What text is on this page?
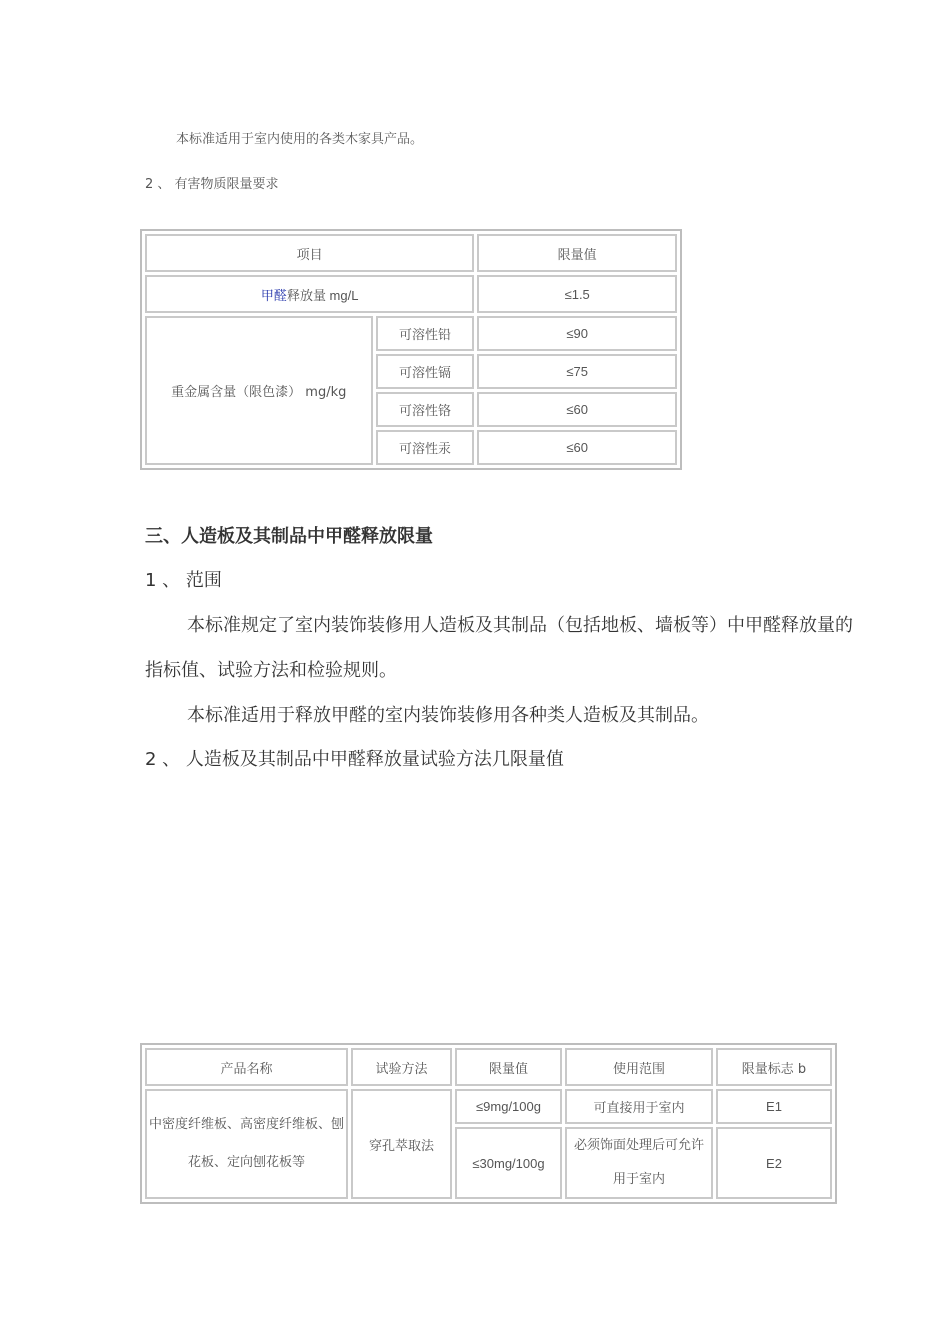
本标准适用于室内使用的各类木家具产品。
2 、 有害物质限量要求
项目		限量值
甲醛释放量 mg/L		≤1.5
重金属含量（限色漆） mg/kg	可溶性铅	≤90
	可溶性镉	≤75
	可溶性铬	≤60
	可溶性汞	≤60
三、人造板及其制品中甲醛释放限量
1 、 范围
本标准规定了室内装饰装修用人造板及其制品（包括地板、墙板等）中甲醛释放量的
指标值、试验方法和检验规则。
本标准适用于释放甲醛的室内装饰装修用各种类人造板及其制品。
2 、 人造板及其制品中甲醛释放量试验方法几限量值
产品名称	试验方法	限量值	使用范围	限量标志 b

中密度纤维板、高密度纤维板、刨
花板、定向刨花板等	穿孔萃取法	≤9mg/100g	可直接用于室内	E1
		≤30mg/100g	必须饰面处理后可允许
用于室内	E2
